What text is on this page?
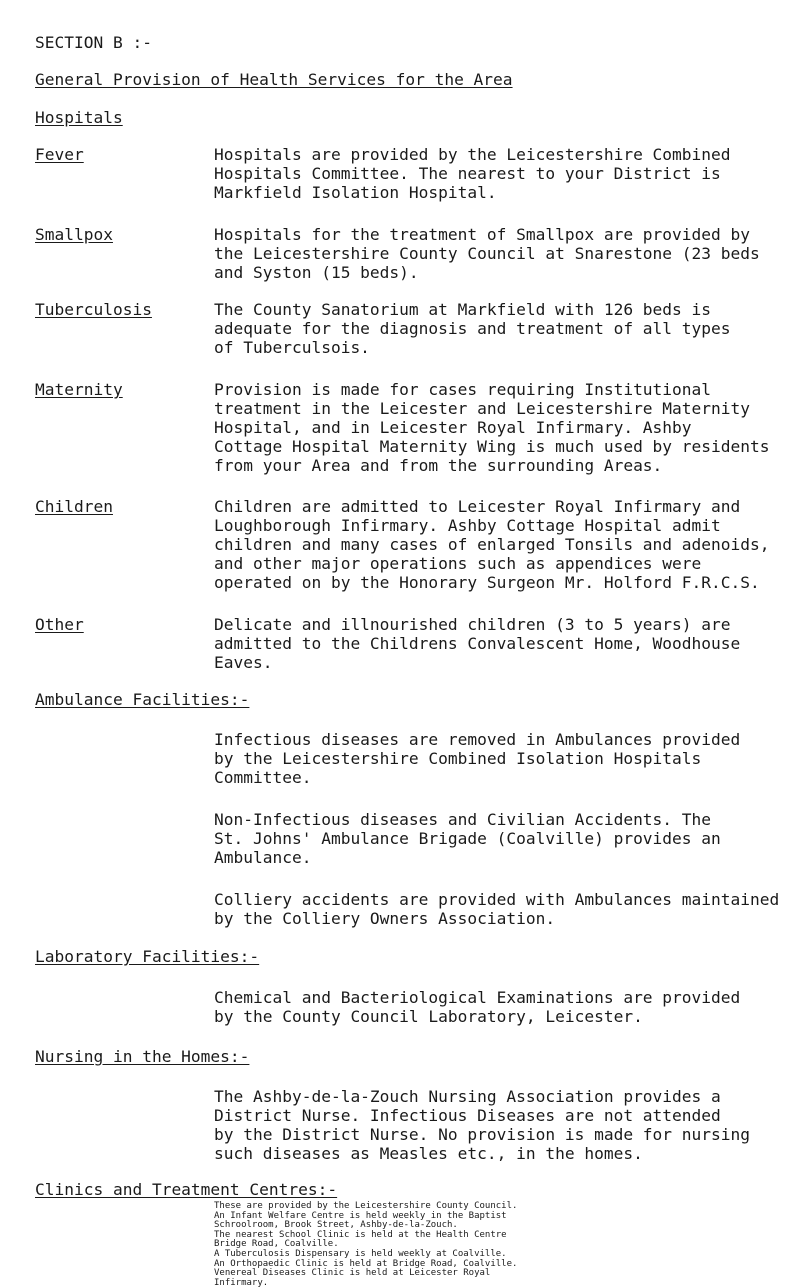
SECTION B :-
General Provision of Health Services for the Area
Hospitals
Fever	Hospitals are provided by the Leicestershire Combined
Hospitals Committee. The nearest to your District is
Markfield Isolation Hospital.
Smallpox	Hospitals for the treatment of Smallpox are provided by
the Leicestershire County Council at Snarestone (23 beds
and Syston (15 beds).
Tuberculosis	The County Sanatorium at Markfield with 126 beds is
adequate for the diagnosis and treatment of all types
of Tuberculsois.
Maternity	Provision is made for cases requiring Institutional
treatment in the Leicester and Leicestershire Maternity
Hospital, and in Leicester Royal Infirmary. Ashby
Cottage Hospital Maternity Wing is much used by residents
from your Area and from the surrounding Areas.
Children	Children are admitted to Leicester Royal Infirmary and
Loughborough Infirmary. Ashby Cottage Hospital admit
children and many cases of enlarged Tonsils and adenoids,
and other major operations such as appendices were
operated on by the Honorary Surgeon Mr. Holford F.R.C.S.
Other	Delicate and illnourished children (3 to 5 years) are
admitted to the Childrens Convalescent Home, Woodhouse
Eaves.
Ambulance Facilities:-
Infectious diseases are removed in Ambulances provided
by the Leicestershire Combined Isolation Hospitals
Committee.
Non-Infectious diseases and Civilian Accidents. The
St. Johns' Ambulance Brigade (Coalville) provides an
Ambulance.
Colliery accidents are provided with Ambulances maintained
by the Colliery Owners Association.
Laboratory Facilities:-
Chemical and Bacteriological Examinations are provided
by the County Council Laboratory, Leicester.
Nursing in the Homes:-
The Ashby-de-la-Zouch Nursing Association provides a
District Nurse. Infectious Diseases are not attended
by the District Nurse. No provision is made for nursing
such diseases as Measles etc., in the homes.
Clinics and Treatment Centres:-
These are provided by the Leicestershire County Council.
An Infant Welfare Centre is held weekly in the Baptist
Schroolroom, Brook Street, Ashby-de-la-Zouch.
The nearest School Clinic is held at the Health Centre
Bridge Road, Coalville.
A Tuberculosis Dispensary is held weekly at Coalville.
An Orthopaedic Clinic is held at Bridge Road, Coalville.
Venereal Diseases Clinic is held at Leicester Royal
Infirmary.
